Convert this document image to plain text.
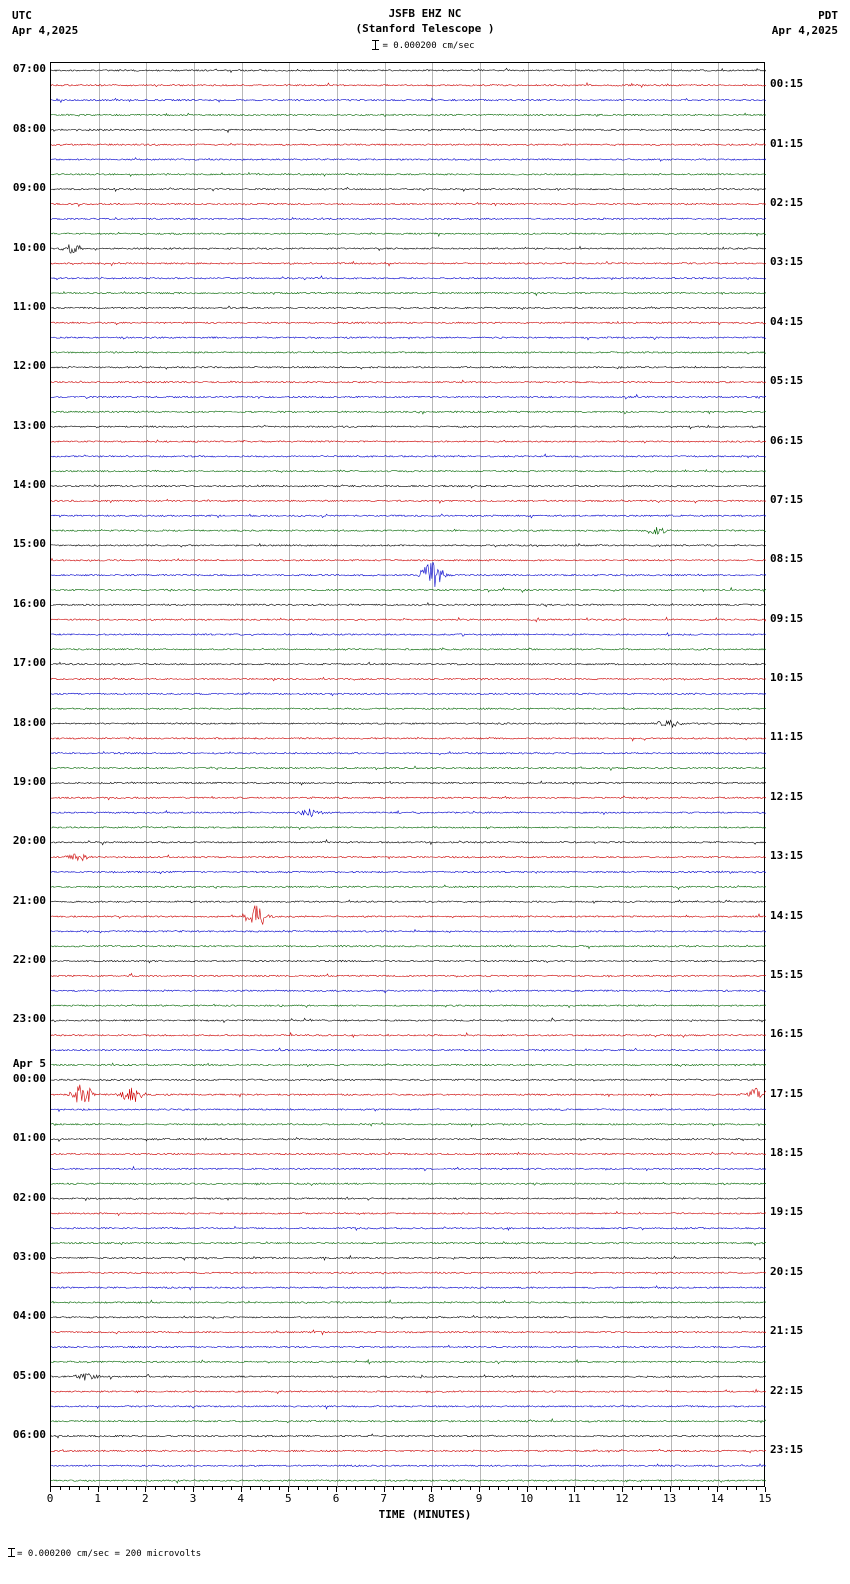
UTC
Apr 4,2025
JSFB EHZ NC
(Stanford Telescope )
PDT
Apr 4,2025
= 0.000200 cm/sec
0	1	2	3	4	5	6	7	8	9	10	11	12	13	14	15
TIME (MINUTES)
= 0.000200 cm/sec = 200 microvolts
07:00
08:00
09:00
10:00
11:00
12:00
13:00
14:00
15:00
16:00
17:00
18:00
19:00
20:00
21:00
22:00
23:00
Apr 5
00:00
01:00
02:00
03:00
04:00
05:00
06:00
00:15
01:15
02:15
03:15
04:15
05:15
06:15
07:15
08:15
09:15
10:15
11:15
12:15
13:15
14:15
15:15
16:15
17:15
18:15
19:15
20:15
21:15
22:15
23:15
